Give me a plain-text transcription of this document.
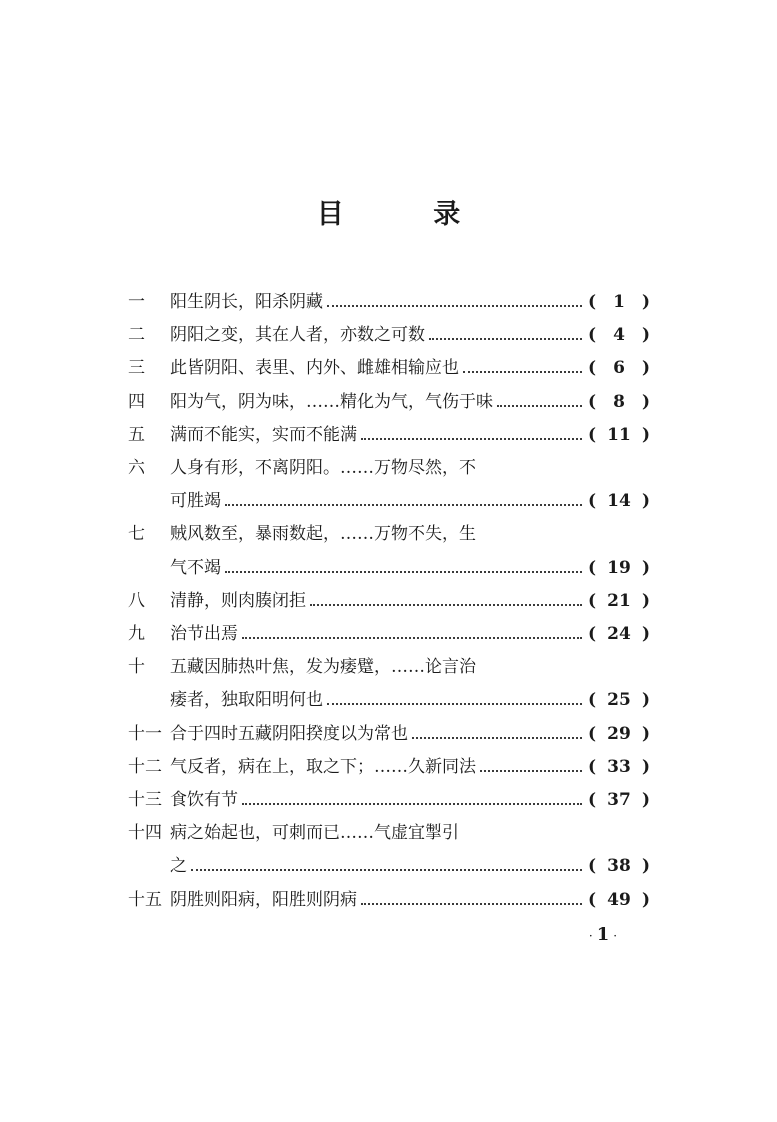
目 录
一	阳生阴长，阳杀阴藏	(	1	)
二	阴阳之变，其在人者，亦数之可数	(	4	)
三	此皆阴阳、表里、内外、雌雄相输应也	(	6	)
四	阳为气，阴为味，……精化为气，气伤于味	(	8	)
五	满而不能实，实而不能满	( 11 )
六	人身有形，不离阴阳。……万物尽然，不
可胜竭	( 14 )
七	贼风数至，暴雨数起，……万物不失，生
气不竭	( 19 )
八	清静，则肉腠闭拒	( 21 )
九	治节出焉	( 24 )
十	五藏因肺热叶焦，发为痿躄，……论言治
痿者，独取阳明何也	( 25 )
十一 合于四时五藏阴阳揆度以为常也	( 29 )
十二 气反者，病在上，取之下；……久新同法	( 33 )
十三 食饮有节	( 37 )
十四 病之始起也，可刺而已……气虚宜掣引
之	( 38 )
十五 阴胜则阳病，阳胜则阴病	( 49 )
· 1 ·
